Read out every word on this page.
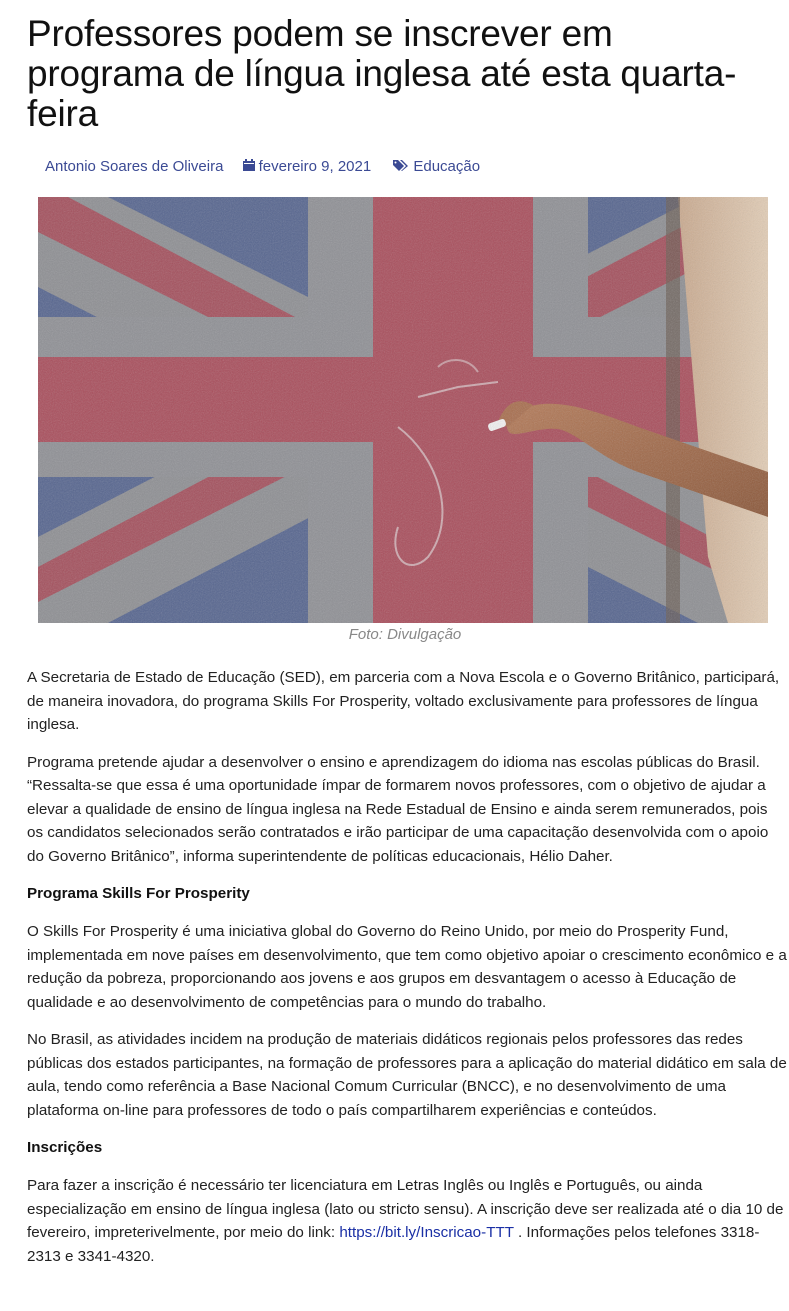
Professores podem se inscrever em programa de língua inglesa até esta quarta-feira
Antonio Soares de Oliveira fevereiro 9, 2021	Educação
Foto: Divulgação

A Secretaria de Estado de Educação (SED), em parceria com a Nova Escola e o Governo Britânico, participará, de maneira inovadora, do programa Skills For Prosperity, voltado exclusivamente para professores de língua inglesa.

Programa pretende ajudar a desenvolver o ensino e aprendizagem do idioma nas escolas públicas do Brasil. “Ressalta-se que essa é uma oportunidade ímpar de formarem novos professores, com o objetivo de ajudar a elevar a qualidade de ensino de língua inglesa na Rede Estadual de Ensino e ainda serem remunerados, pois os candidatos selecionados serão contratados e irão participar de uma capacitação desenvolvida com o apoio do Governo Britânico”, informa superintendente de políticas educacionais, Hélio Daher.

Programa Skills For Prosperity

O Skills For Prosperity é uma iniciativa global do Governo do Reino Unido, por meio do Prosperity Fund, implementada em nove países em desenvolvimento, que tem como objetivo apoiar o crescimento econômico e a redução da pobreza, proporcionando aos jovens e aos grupos em desvantagem o acesso à Educação de qualidade e ao desenvolvimento de competências para o mundo do trabalho.

No Brasil, as atividades incidem na produção de materiais didáticos regionais pelos professores das redes públicas dos estados participantes, na formação de professores para a aplicação do material didático em sala de aula, tendo como referência a Base Nacional Comum Curricular (BNCC), e no desenvolvimento de uma plataforma on-line para professores de todo o país compartilharem experiências e conteúdos.

Inscrições

Para fazer a inscrição é necessário ter licenciatura em Letras Inglês ou Inglês e Português, ou ainda especialização em ensino de língua inglesa (lato ou stricto sensu). A inscrição deve ser realizada até o dia 10 de fevereiro, impreterivelmente, por meio do link: https://bit.ly/Inscricao-TTT . Informações pelos telefones 3318-2313 e 3341-4320.
